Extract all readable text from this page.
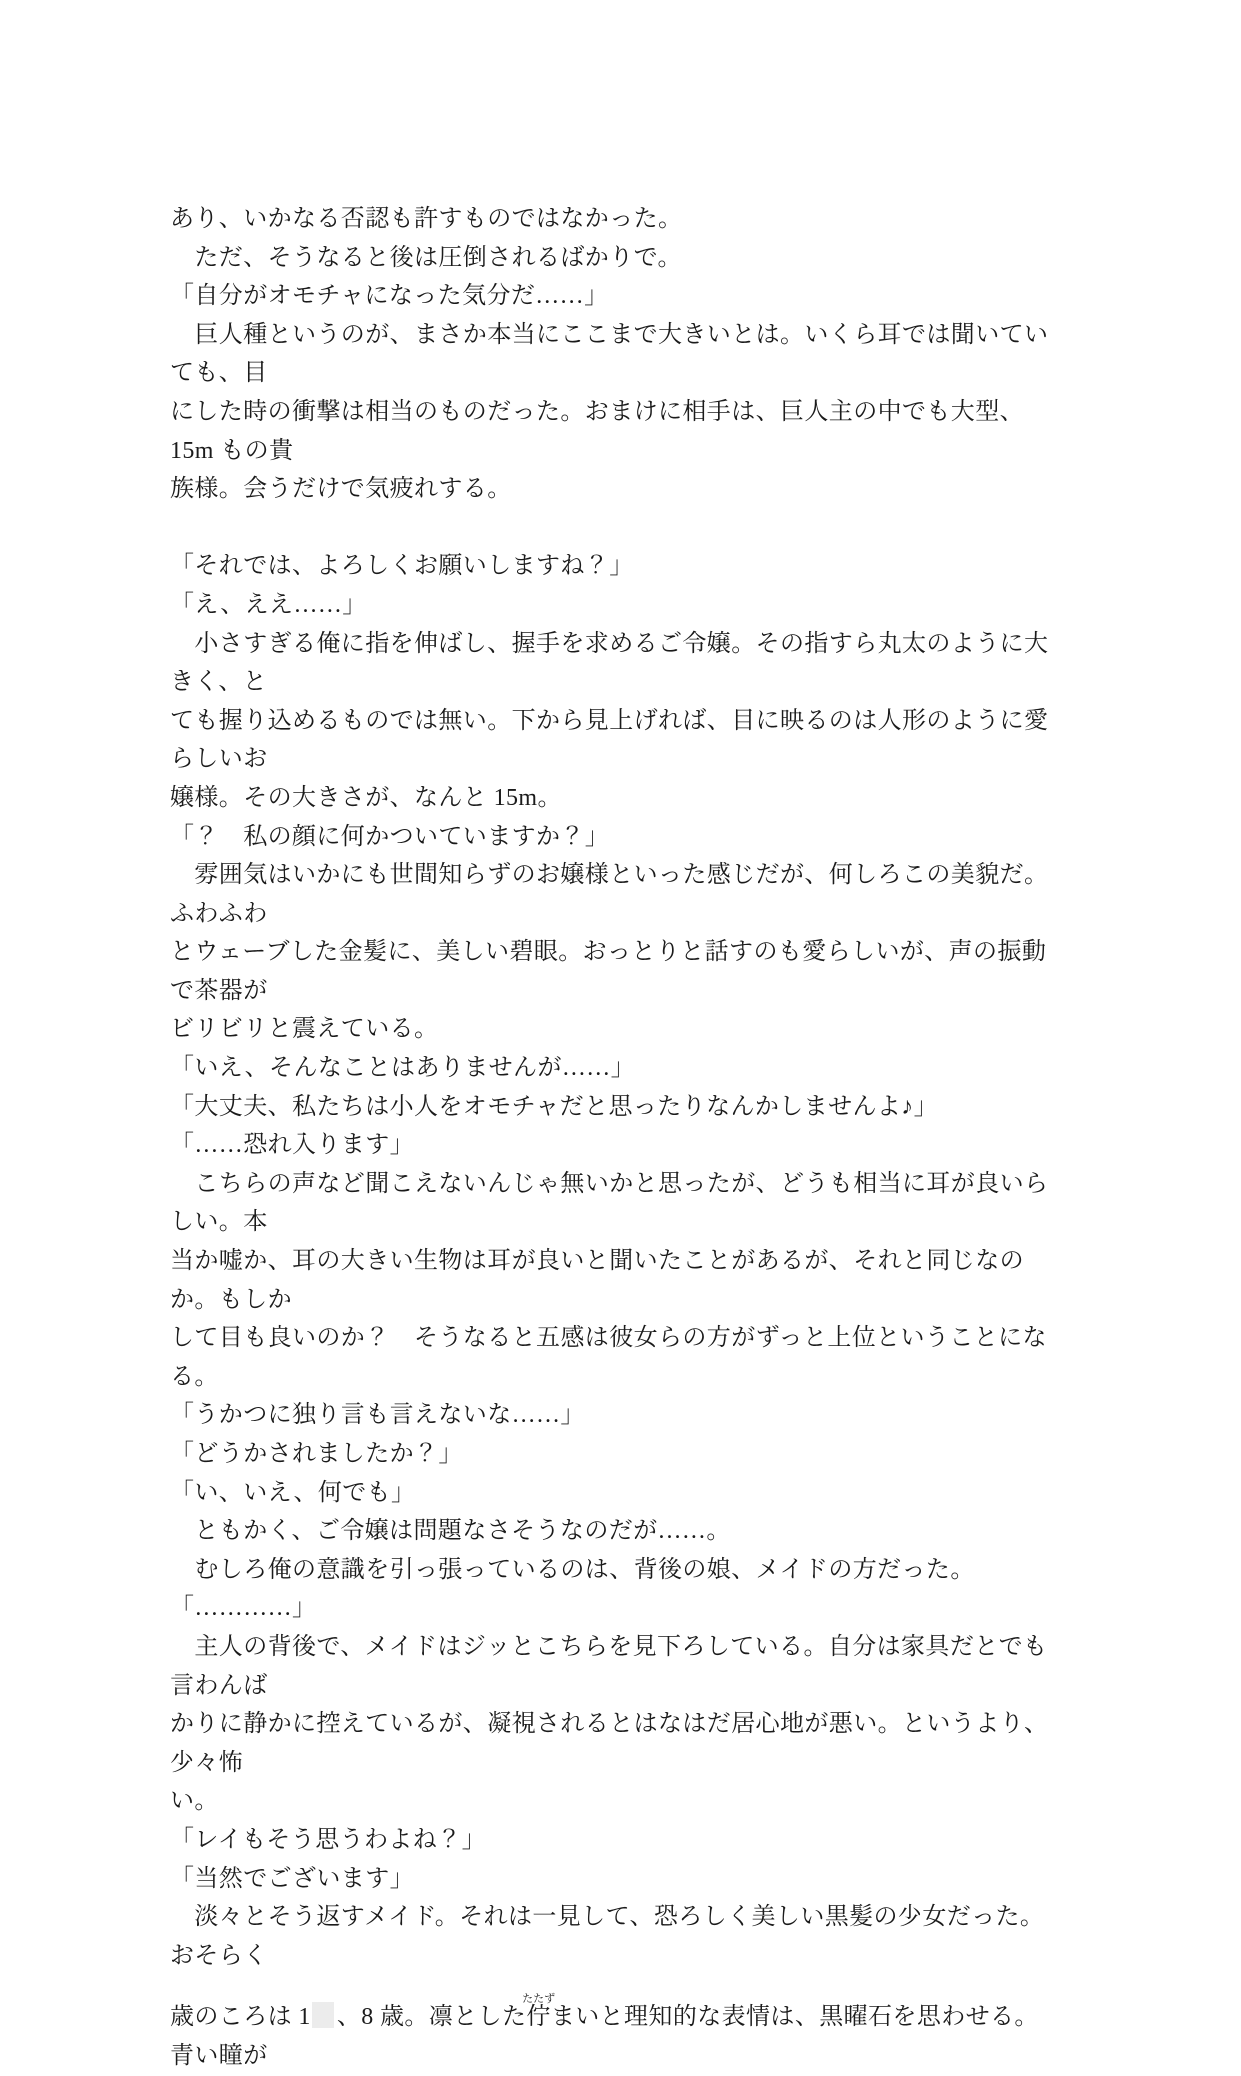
あり、いかなる否認も許すものではなかった。
　ただ、そうなると後は圧倒されるばかりで。
「自分がオモチャになった気分だ……」
　巨人種というのが、まさか本当にここまで大きいとは。いくら耳では聞いていても、目
にした時の衝撃は相当のものだった。おまけに相手は、巨人主の中でも大型、15m もの貴
族様。会うだけで気疲れする。

「それでは、よろしくお願いしますね？」
「え、ええ……」
　小さすぎる俺に指を伸ばし、握手を求めるご令嬢。その指すら丸太のように大きく、と
ても握り込めるものでは無い。下から見上げれば、目に映るのは人形のように愛らしいお
嬢様。その大きさが、なんと 15m。
「？　私の顔に何かついていますか？」
　雰囲気はいかにも世間知らずのお嬢様といった感じだが、何しろこの美貌だ。ふわふわ
とウェーブした金髪に、美しい碧眼。おっとりと話すのも愛らしいが、声の振動で茶器が
ビリビリと震えている。
「いえ、そんなことはありませんが……」
「大丈夫、私たちは小人をオモチャだと思ったりなんかしませんよ♪」
「……恐れ入ります」
　こちらの声など聞こえないんじゃ無いかと思ったが、どうも相当に耳が良いらしい。本
当か嘘か、耳の大きい生物は耳が良いと聞いたことがあるが、それと同じなのか。もしか
して目も良いのか？　そうなると五感は彼女らの方がずっと上位ということになる。
「うかつに独り言も言えないな……」
「どうかされましたか？」
「い、いえ、何でも」
　ともかく、ご令嬢は問題なさそうなのだが……。
　むしろ俺の意識を引っ張っているのは、背後の娘、メイドの方だった。
「…………」
　主人の背後で、メイドはジッとこちらを見下ろしている。自分は家具だとでも言わんば
かりに静かに控えているが、凝視されるとはなはだ居心地が悪い。というより、少々怖
い。
「レイもそう思うわよね？」
「当然でございます」
　淡々とそう返すメイド。それは一見して、恐ろしく美しい黒髪の少女だった。おそらく
歳のころは 1 、8 歳。凛とした佇たたずまいと理知的な表情は、黒曜石を思わせる。青い瞳が
